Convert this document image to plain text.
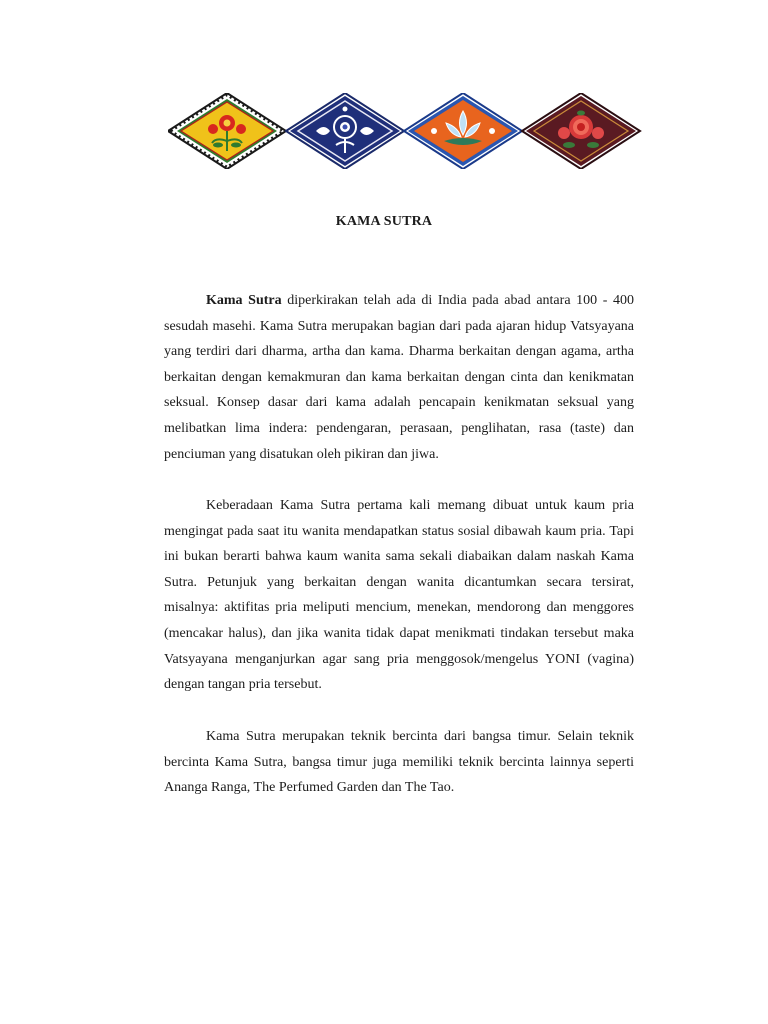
KAMA SUTRA

Kama Sutra diperkirakan telah ada di India pada abad antara 100 - 400 sesudah masehi. Kama Sutra merupakan bagian dari pada ajaran hidup Vatsyayana yang terdiri dari dharma, artha dan kama. Dharma berkaitan dengan agama, artha berkaitan dengan kemakmuran dan kama berkaitan dengan cinta dan kenikmatan seksual. Konsep dasar dari kama adalah pencapain kenikmatan seksual yang melibatkan lima indera: pendengaran, perasaan, penglihatan, rasa (taste) dan penciuman yang disatukan oleh pikiran dan jiwa.

Keberadaan Kama Sutra pertama kali memang dibuat untuk kaum pria mengingat pada saat itu wanita mendapatkan status sosial dibawah kaum pria. Tapi ini bukan berarti bahwa kaum wanita sama sekali diabaikan dalam naskah Kama Sutra. Petunjuk yang berkaitan dengan wanita dicantumkan secara tersirat, misalnya: aktifitas pria meliputi mencium, menekan, mendorong dan menggores (mencakar halus), dan jika wanita tidak dapat menikmati tindakan tersebut maka Vatsyayana menganjurkan agar sang pria menggosok/mengelus YONI (vagina) dengan tangan pria tersebut.

Kama Sutra merupakan teknik bercinta dari bangsa timur. Selain teknik bercinta Kama Sutra, bangsa timur juga memiliki teknik bercinta lainnya seperti Ananga Ranga, The Perfumed Garden dan The Tao.
